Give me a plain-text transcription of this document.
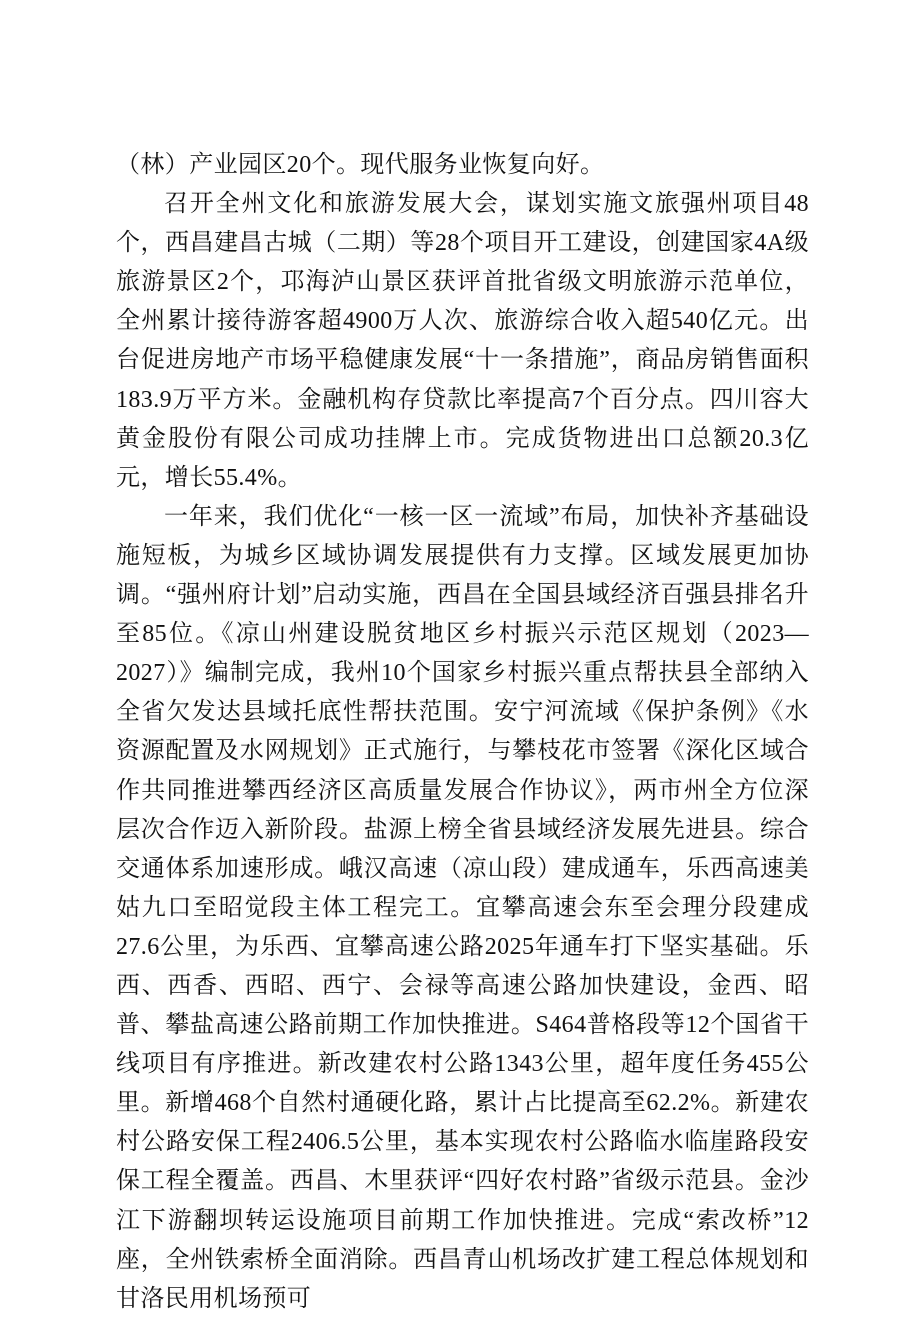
（林）产业园区20个。现代服务业恢复向好。

召开全州文化和旅游发展大会，谋划实施文旅强州项目48个，西昌建昌古城（二期）等28个项目开工建设，创建国家4A级旅游景区2个，邛海泸山景区获评首批省级文明旅游示范单位，全州累计接待游客超4900万人次、旅游综合收入超540亿元。出台促进房地产市场平稳健康发展“十一条措施”，商品房销售面积183.9万平方米。金融机构存贷款比率提高7个百分点。四川容大黄金股份有限公司成功挂牌上市。完成货物进出口总额20.3亿元，增长55.4%。

一年来，我们优化“一核一区一流域”布局，加快补齐基础设施短板，为城乡区域协调发展提供有力支撑。区域发展更加协调。“强州府计划”启动实施，西昌在全国县域经济百强县排名升至85位。《凉山州建设脱贫地区乡村振兴示范区规划（2023—2027）》编制完成，我州10个国家乡村振兴重点帮扶县全部纳入全省欠发达县域托底性帮扶范围。安宁河流域《保护条例》《水资源配置及水网规划》正式施行，与攀枝花市签署《深化区域合作共同推进攀西经济区高质量发展合作协议》，两市州全方位深层次合作迈入新阶段。盐源上榜全省县域经济发展先进县。综合交通体系加速形成。峨汉高速（凉山段）建成通车，乐西高速美姑九口至昭觉段主体工程完工。宜攀高速会东至会理分段建成27.6公里，为乐西、宜攀高速公路2025年通车打下坚实基础。乐西、西香、西昭、西宁、会禄等高速公路加快建设，金西、昭普、攀盐高速公路前期工作加快推进。S464普格段等12个国省干线项目有序推进。新改建农村公路1343公里，超年度任务455公里。新增468个自然村通硬化路，累计占比提高至62.2%。新建农村公路安保工程2406.5公里，基本实现农村公路临水临崖路段安保工程全覆盖。西昌、木里获评“四好农村路”省级示范县。金沙江下游翻坝转运设施项目前期工作加快推进。完成“索改桥”12座，全州铁索桥全面消除。西昌青山机场改扩建工程总体规划和甘洛民用机场预可
